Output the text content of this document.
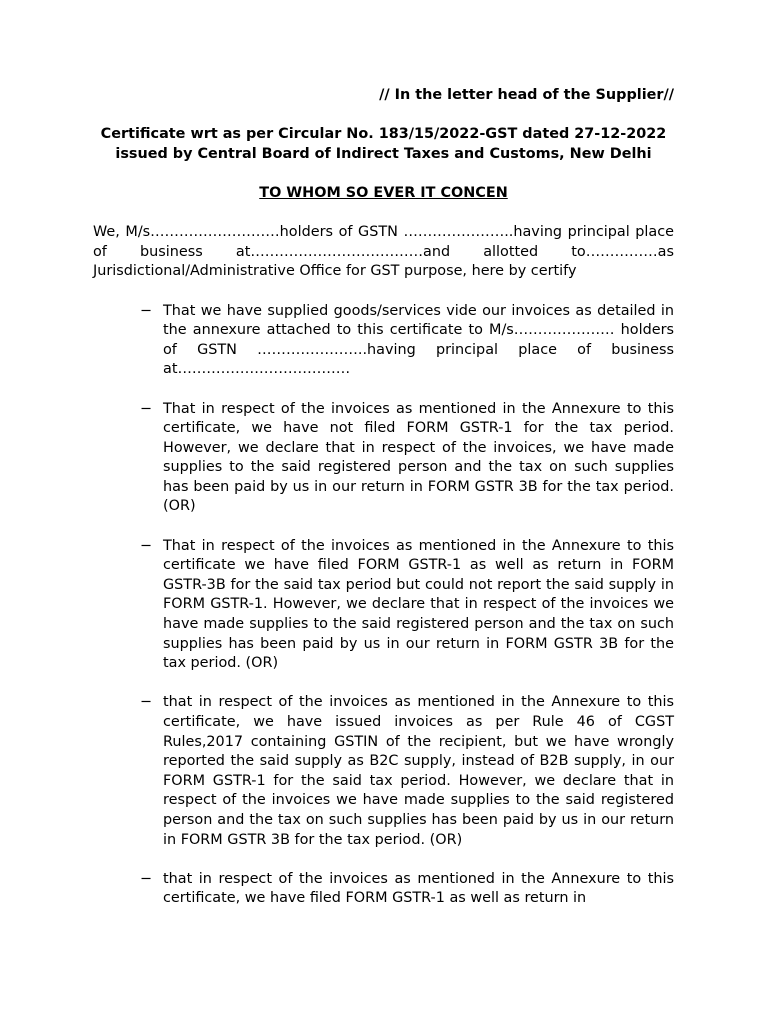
// In the letter head of the Supplier//

Certificate wrt as per Circular No. 183/15/2022-GST dated 27-12-2022 issued by Central Board of Indirect Taxes and Customs, New Delhi

TO WHOM SO EVER IT CONCEN

We, M/s………………………holders of GSTN …………………..having principal place of business at………………………………and allotted to……………as Jurisdictional/Administrative Office for GST purpose, here by certify

− That we have supplied goods/services vide our invoices as detailed in the annexure attached to this certificate to M/s………………… holders of GSTN …………………..having principal place of business at………………………………
− That in respect of the invoices as mentioned in the Annexure to this certificate, we have not filed FORM GSTR-1 for the tax period. However, we declare that in respect of the invoices, we have made supplies to the said registered person and the tax on such supplies has been paid by us in our return in FORM GSTR 3B for the tax period. (OR)
− That in respect of the invoices as mentioned in the Annexure to this certificate we have filed FORM GSTR-1 as well as return in FORM GSTR-3B for the said tax period but could not report the said supply in FORM GSTR-1. However, we declare that in respect of the invoices we have made supplies to the said registered person and the tax on such supplies has been paid by us in our return in FORM GSTR 3B for the tax period. (OR)
− that in respect of the invoices as mentioned in the Annexure to this certificate, we have issued invoices as per Rule 46 of CGST Rules,2017 containing GSTIN of the recipient, but we have wrongly reported the said supply as B2C supply, instead of B2B supply, in our FORM GSTR-1 for the said tax period. However, we declare that in respect of the invoices we have made supplies to the said registered person and the tax on such supplies has been paid by us in our return in FORM GSTR 3B for the tax period. (OR)
− that in respect of the invoices as mentioned in the Annexure to this certificate, we have filed FORM GSTR-1 as well as return in
